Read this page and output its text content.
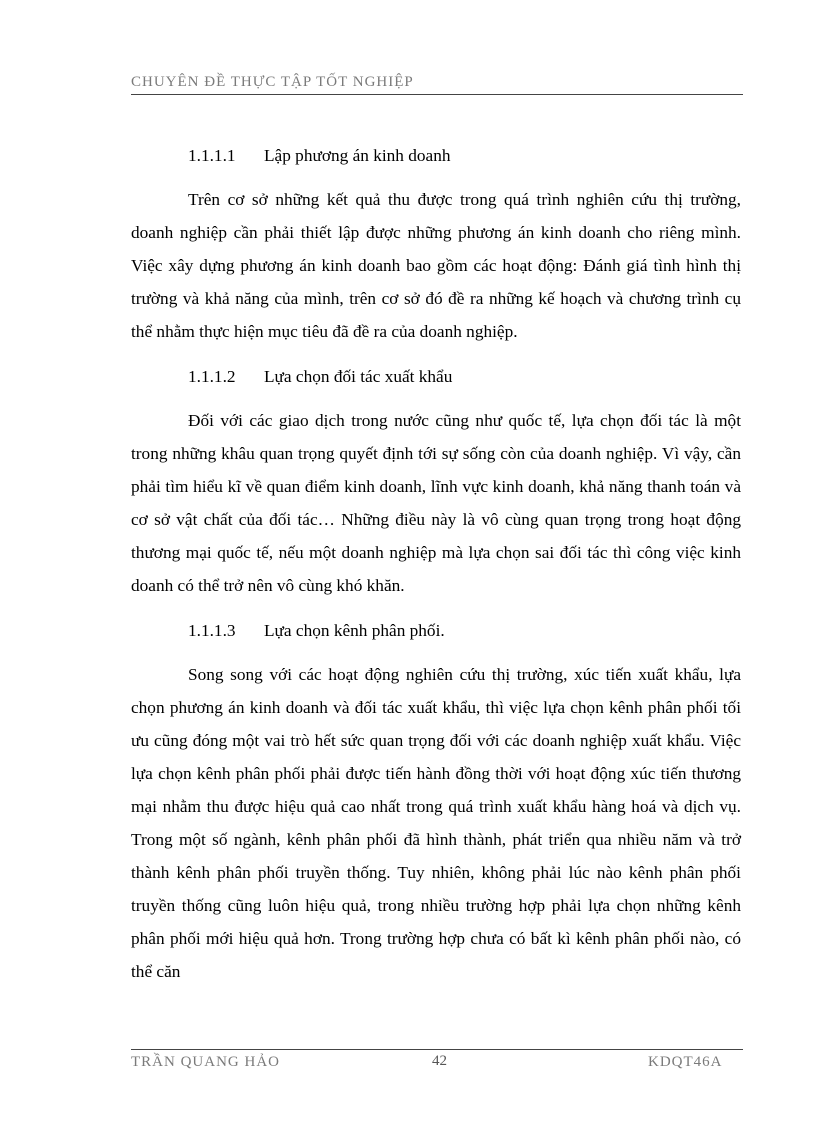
CHUYÊN ĐỀ THỰC TẬP TỐT NGHIỆP

1.1.1.1 Lập phương án kinh doanh

Trên cơ sở những kết quả thu được trong quá trình nghiên cứu thị trường, doanh nghiệp cần phải thiết lập được những phương án kinh doanh cho riêng mình. Việc xây dựng phương án kinh doanh bao gồm các hoạt động: Đánh giá tình hình thị trường và khả năng của mình, trên cơ sở đó đề ra những kế hoạch và chương trình cụ thể nhằm thực hiện mục tiêu đã đề ra của doanh nghiệp.

1.1.1.2 Lựa chọn đối tác xuất khẩu

Đối với các giao dịch trong nước cũng như quốc tế, lựa chọn đối tác là một trong những khâu quan trọng quyết định tới sự sống còn của doanh nghiệp. Vì vậy, cần phải tìm hiểu kĩ về quan điểm kinh doanh, lĩnh vực kinh doanh, khả năng thanh toán và cơ sở vật chất của đối tác… Những điều này là vô cùng quan trọng trong hoạt động thương mại quốc tế, nếu một doanh nghiệp mà lựa chọn sai đối tác thì công việc kinh doanh có thể trở nên vô cùng khó khăn.

1.1.1.3 Lựa chọn kênh phân phối.

Song song với các hoạt động nghiên cứu thị trường, xúc tiến xuất khẩu, lựa chọn phương án kinh doanh và đối tác xuất khẩu, thì việc lựa chọn kênh phân phối tối ưu cũng đóng một vai trò hết sức quan trọng đối với các doanh nghiệp xuất khẩu. Việc lựa chọn kênh phân phối phải được tiến hành đồng thời với hoạt động xúc tiến thương mại nhằm thu được hiệu quả cao nhất trong quá trình xuất khẩu hàng hoá và dịch vụ. Trong một số ngành, kênh phân phối đã hình thành, phát triển qua nhiều năm và trở thành kênh phân phối truyền thống. Tuy nhiên, không phải lúc nào kênh phân phối truyền thống cũng luôn hiệu quả, trong nhiều trường hợp phải lựa chọn những kênh phân phối mới hiệu quả hơn. Trong trường hợp chưa có bất kì kênh phân phối nào, có thể căn

TRẦN QUANG HẢO	42	KDQT46A
